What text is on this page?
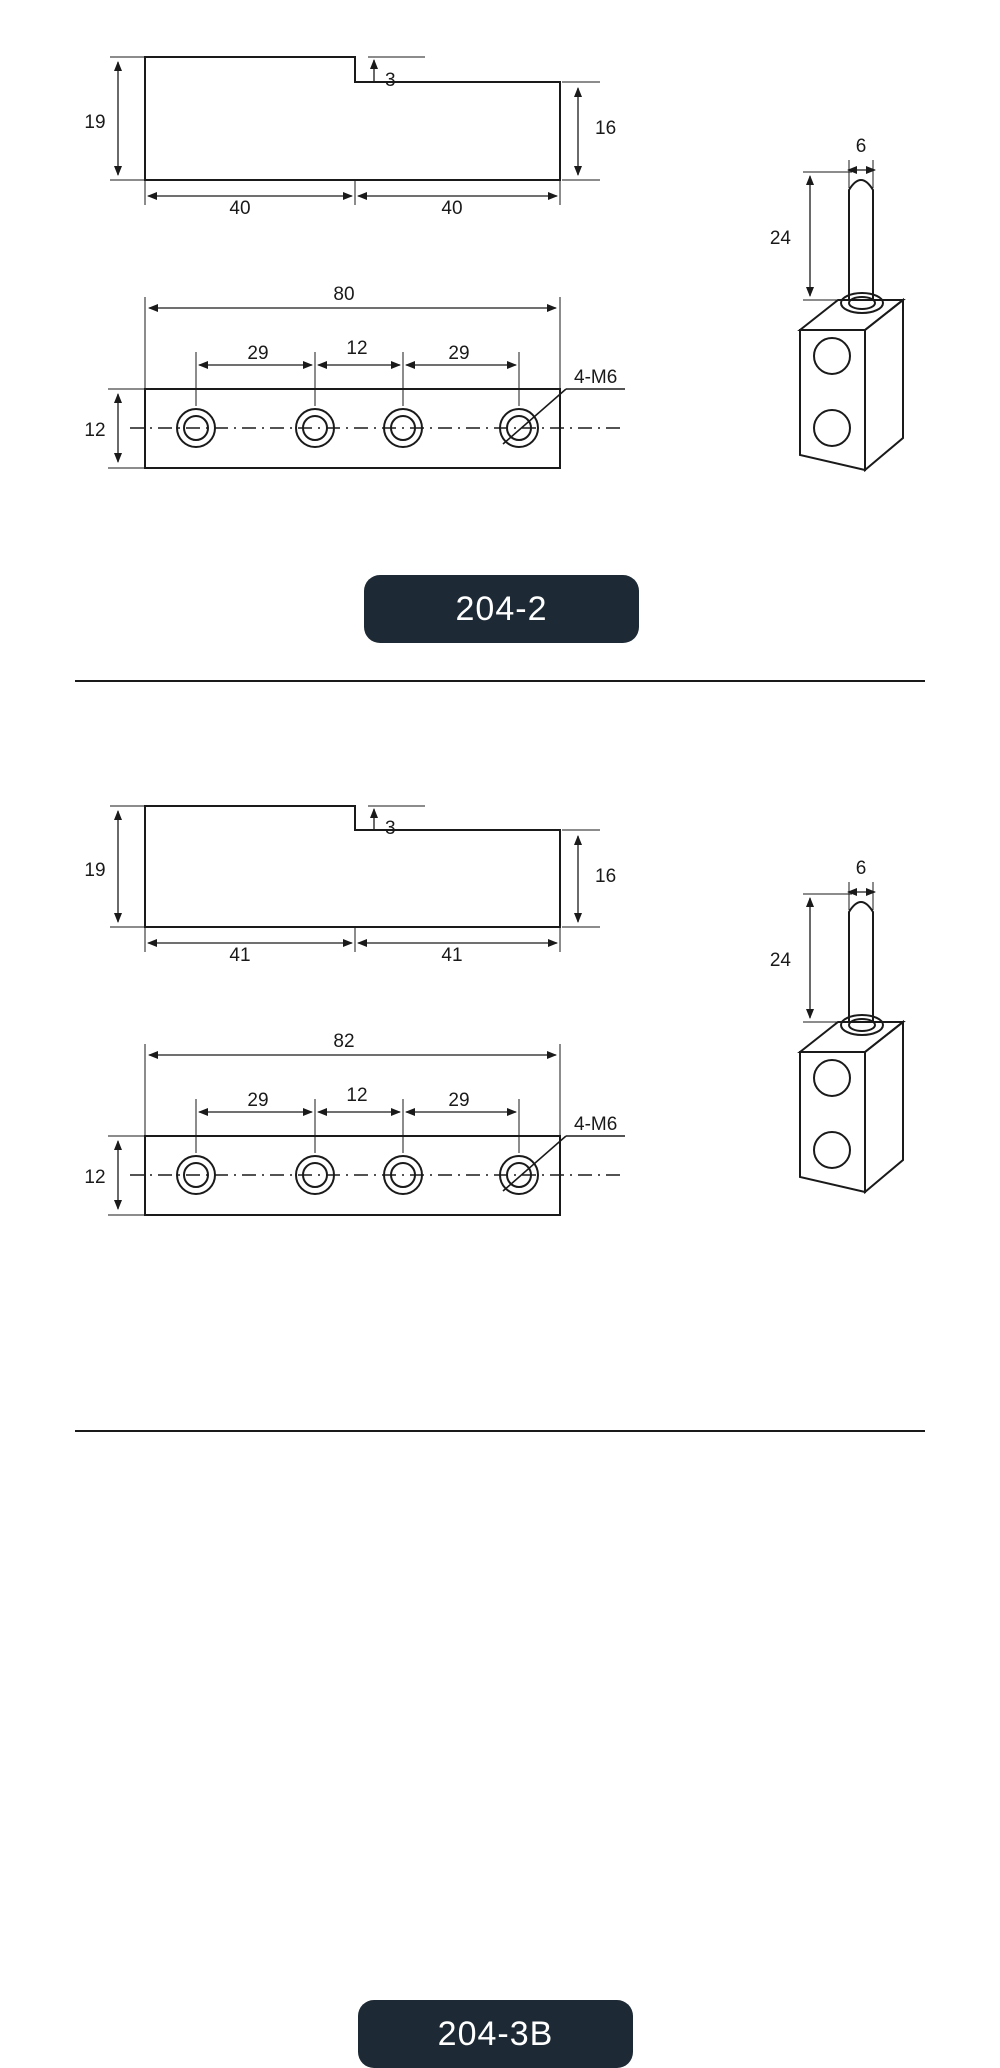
19	16
3
40	40
80
29	12	29
12
4-M6
6
24
204-2
19	16
3
41	41
82
29	12	29
12
4-M6
6
24
204-3B
